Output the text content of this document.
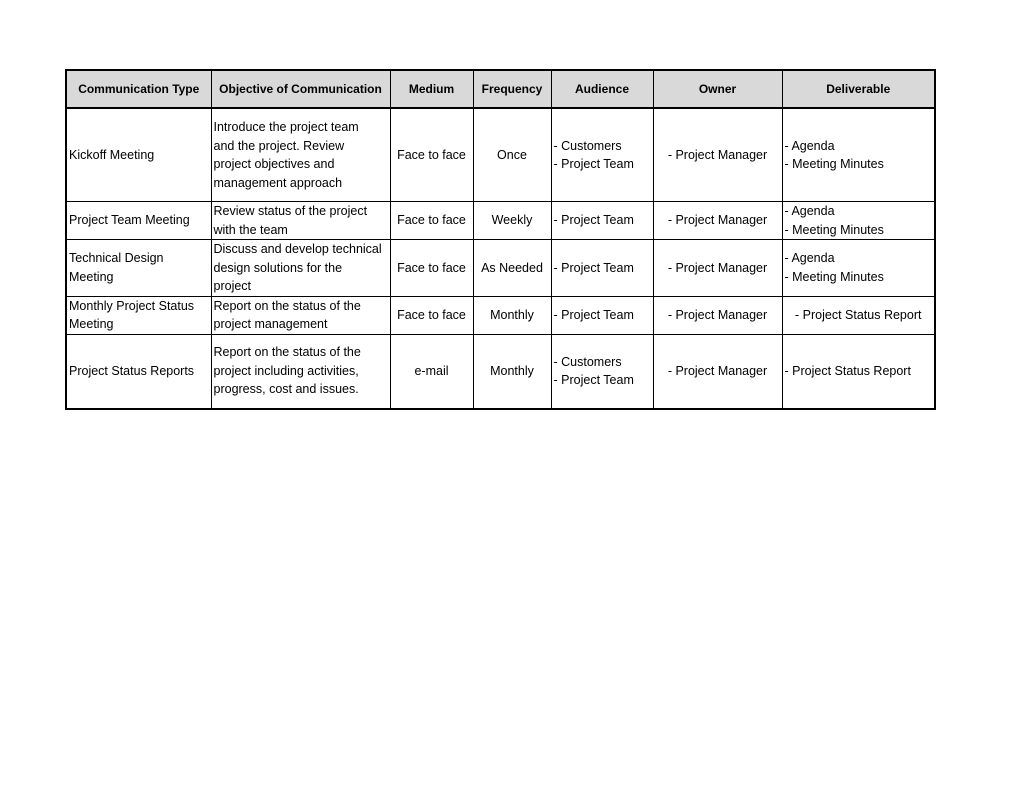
Communication Type	Objective of Communication	Medium	Frequency	Audience	Owner	Deliverable

Kickoff Meeting	Introduce the project team
and the project. Review
project objectives and
management approach	Face to face	Once	- Customers
- Project Team	- Project Manager	- Agenda
- Meeting Minutes

Project Team Meeting	Review status of the project
with the team	Face to face	Weekly	- Project Team	- Project Manager	- Agenda
- Meeting Minutes

Technical Design
Meeting	Discuss and develop technical
design solutions for the
project	Face to face	As Needed	- Project Team	- Project Manager	- Agenda
- Meeting Minutes

Monthly Project Status
Meeting	Report on the status of the
project management	Face to face	Monthly	- Project Team	- Project Manager	- Project Status Report

Project Status Reports	Report on the status of the
project including activities,
progress, cost and issues.	e-mail	Monthly	- Customers
- Project Team	- Project Manager	- Project Status Report
